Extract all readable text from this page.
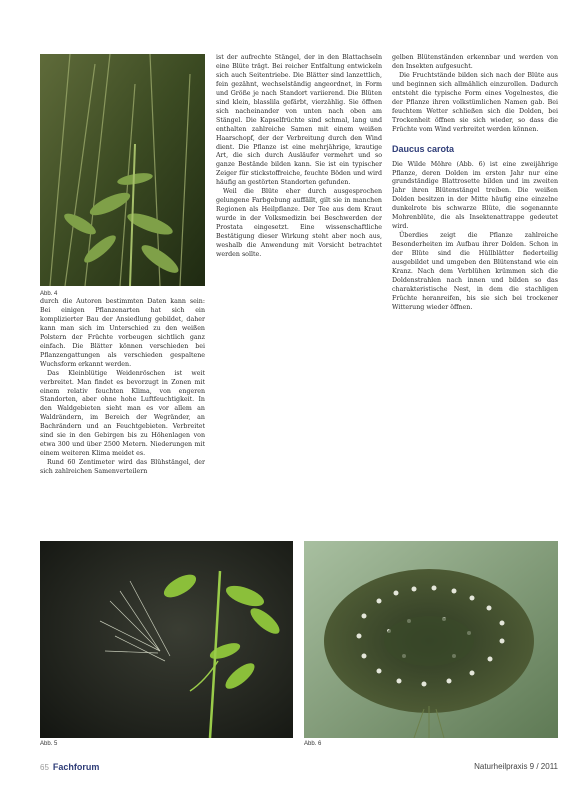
Abb. 4

durch die Autoren bestimmten Daten kann sein: Bei einigen Pflanzenarten hat sich ein komplizierter Bau der Ansiedlung gebildet, daher kann man sich im Unterschied zu den weißen Polstern der Früchte vorbeugen sichtlich ganz einfach. Die Blätter können verschieden bei Pflanzengattungen als verschieden gespaltene Wuchsform erkannt werden.

Das Kleinblütige Weidenröschen ist weit verbreitet. Man findet es bevorzugt in Zonen mit einem relativ feuchten Klima, von engeren Standorten, aber ohne hohe Luftfeuchtigkeit. In den Waldgebieten sieht man es vor allem an Waldrändern, im Bereich der Wegränder, an Bachrändern und an Feuchtgebieten. Verbreitet sind sie in den Gebirgen bis zu Höhenlagen von etwa 300 und über 2500 Metern. Niederungen mit einem weiteren Klima meidet es.

Rund 60 Zentimeter wird das Blühstängel, der sich zahlreichen Samenverteilern

ist der aufrechte Stängel, der in den Blattachseln eine Blüte trägt. Bei reicher Entfaltung entwickeln sich auch Seitentriebe. Die Blätter sind lanzettlich, fein gezähnt, wechselständig angeordnet, in Form und Größe je nach Standort variierend. Die Blüten sind klein, blasslila gefärbt, vierzählig. Sie öffnen sich nacheinander von unten nach oben am Stängel. Die Kapselfrüchte sind schmal, lang und enthalten zahlreiche Samen mit einem weißen Haarschopf, der der Verbreitung durch den Wind dient. Die Pflanze ist eine mehrjährige, krautige Art, die sich durch Ausläufer vermehrt und so ganze Bestände bilden kann. Sie ist ein typischer Zeiger für stickstoffreiche, feuchte Böden und wird häufig an gestörten Standorten gefunden.

Weil die Blüte eher durch ausgesprochen gelungene Farbgebung auffällt, gilt sie in manchen Regionen als Heilpflanze. Der Tee aus dem Kraut wurde in der Volksmedizin bei Beschwerden der Prostata eingesetzt. Eine wissenschaftliche Bestätigung dieser Wirkung steht aber noch aus, weshalb die Anwendung mit Vorsicht betrachtet werden sollte.

gelben Blütenständen erkennbar und werden von den Insekten aufgesucht.

Die Fruchtstände bilden sich nach der Blüte aus und beginnen sich allmählich einzurollen. Dadurch entsteht die typische Form eines Vogelnestes, die der Pflanze ihren volkstümlichen Namen gab. Bei feuchtem Wetter schließen sich die Dolden, bei Trockenheit öffnen sie sich wieder, so dass die Früchte vom Wind verbreitet werden können.

Daucus carota

Die Wilde Möhre (Abb. 6) ist eine zweijährige Pflanze, deren Dolden im ersten Jahr nur eine grundständige Blattrosette bilden und im zweiten Jahr ihren Blütenstängel treiben. Die weißen Dolden besitzen in der Mitte häufig eine einzelne dunkelrote bis schwarze Blüte, die sogenannte Mohrenblüte, die als Insektenattrappe gedeutet wird.

Überdies zeigt die Pflanze zahlreiche Besonderheiten im Aufbau ihrer Dolden. Schon in der Blüte sind die Hüllblätter fiederteilig ausgebildet und umgeben den Blütenstand wie ein Kranz. Nach dem Verblühen krümmen sich die Doldenstrahlen nach innen und bilden so das charakteristische Nest, in dem die stachligen Früchte heranreifen, bis sie sich bei trockener Witterung wieder öffnen.

Abb. 5	Abb. 6
65 Fachforum	Naturheilpraxis 9 / 2011
